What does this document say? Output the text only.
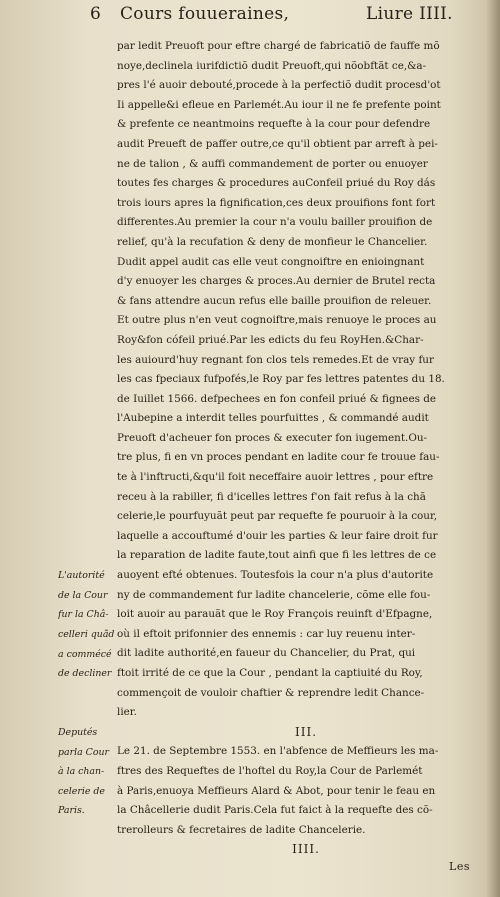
6 Cours fouueraines,	Liure IIII.
L'autorité
de la Cour
fur la Châ-
celleri quãd
a commécé
de decliner
Deputés
parla Cour
à la chan-
celerie de
Paris.
par ledit Preuoft pour eftre chargé de fabricatiõ de fauffe mõ
noye,declinela iurifdictiõ dudit Preuoft,qui nõobftãt ce,&a-
pres l'é auoir debouté,procede à la perfectiõ dudit procesd'ot
Ii appelle&i efleue en Parlemét.Au iour il ne fe prefente point
& prefente ce neantmoins requefte à la cour pour defendre
audit Preueft de paffer outre,ce qu'il obtient par arreft à pei-
ne de talion , & auffi commandement de porter ou enuoyer
toutes fes charges & procedures auConfeil priué du Roy dás
trois iours apres la fignification,ces deux prouifions font fort
differentes.Au premier la cour n'a voulu bailler prouifion de
relief, qu'à la recufation & deny de monfieur le Chancelier.
Dudit appel audit cas elle veut congnoiftre en enioingnant
d'y enuoyer les charges & proces.Au dernier de Brutel recta
& fans attendre aucun refus elle baille prouifion de releuer.
Et outre plus n'en veut cognoiftre,mais renuoye le proces au
Roy&fon cófeil priué.Par les edicts du feu RoyHen.&Char-
les auiourd'huy regnant fon clos tels remedes.Et de vray fur
les cas fpeciaux fufpofés,le Roy par fes lettres patentes du 18.
de Iuillet 1566. defpechees en fon confeil priué & fignees de
l'Aubepine a interdit telles pourfuittes , & commandé audit
Preuoft d'acheuer fon proces & executer fon iugement.Ou-
tre plus, fi en vn proces pendant en ladite cour fe trouue fau-
te à l'inftructi,&qu'il foit neceffaire auoir lettres , pour eftre
receu à la rabiller, fi d'icelles lettres f'on fait refus à la chã
celerie,le pourfuyuãt peut par requefte fe pouruoir à la cour,
laquelle a accouftumé d'ouir les parties & leur faire droit fur
la reparation de ladite faute,tout ainfi que fi les lettres de ce
auoyent efté obtenues. Toutesfois la cour n'a plus d'autorite
ny de commandement fur ladite chancelerie, cõme elle fou-
loit auoir au parauãt que le Roy François reuinft d'Efpagne,
où il eftoit prifonnier des ennemis : car luy reuenu inter-
dit ladite authorité,en faueur du Chancelier, du Prat, qui
ftoit irrité de ce que la Cour , pendant la captiuité du Roy,
commençoit de vouloir chaftier & reprendre ledit Chance-
lier.
III.
Le 21. de Septembre 1553. en l'abfence de Meffieurs les ma-
ftres des Requeftes de l'hoftel du Roy,la Cour de Parlemét
à Paris,enuoya Meffieurs Alard & Abot, pour tenir le feau en
la Châcellerie dudit Paris.Cela fut faict à la requefte des cõ-
trerolleurs & fecretaires de ladite Chancelerie.
IIII.
Les
